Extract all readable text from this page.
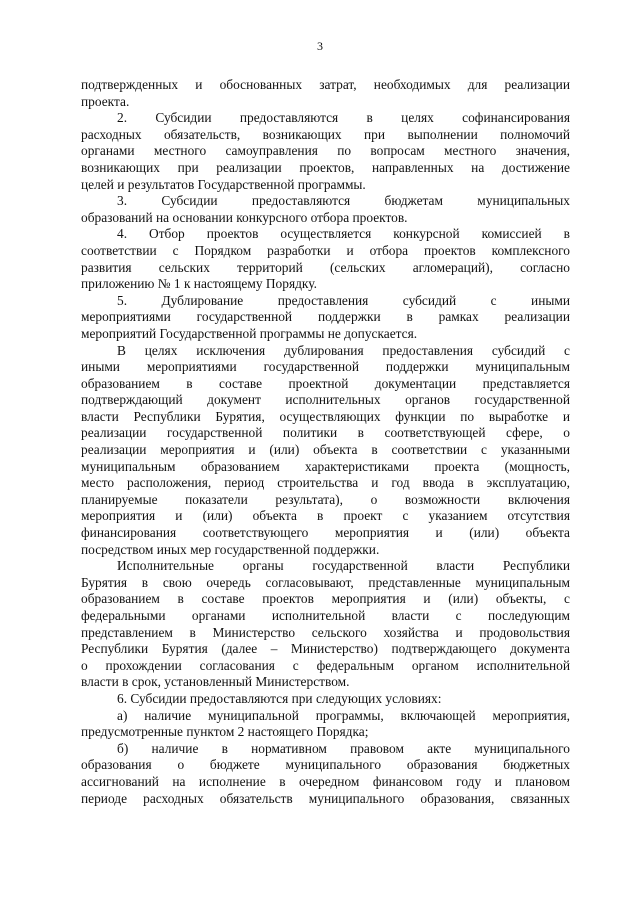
3

подтвержденных и обоснованных затрат, необходимых для реализации

проекта.

2. Субсидии предоставляются в целях софинансирования

расходных обязательств, возникающих при выполнении полномочий

органами местного самоуправления по вопросам местного значения,

возникающих при реализации проектов, направленных на достижение

целей и результатов Государственной программы.

3. Субсидии предоставляются бюджетам муниципальных

образований на основании конкурсного отбора проектов.

4. Отбор проектов осуществляется конкурсной комиссией в

соответствии с Порядком разработки и отбора проектов комплексного

развития сельских территорий (сельских агломераций), согласно

приложению № 1 к настоящему Порядку.

5. Дублирование предоставления субсидий с иными

мероприятиями государственной поддержки в рамках реализации

мероприятий Государственной программы не допускается.

В целях исключения дублирования предоставления субсидий с

иными мероприятиями государственной поддержки муниципальным

образованием в составе проектной документации представляется

подтверждающий документ исполнительных органов государственной

власти Республики Бурятия, осуществляющих функции по выработке и

реализации государственной политики в соответствующей сфере, о

реализации мероприятия и (или) объекта в соответствии с указанными

муниципальным образованием характеристиками проекта (мощность,

место расположения, период строительства и год ввода в эксплуатацию,

планируемые показатели результата), о возможности включения

мероприятия и (или) объекта в проект с указанием отсутствия

финансирования соответствующего мероприятия и (или) объекта

посредством иных мер государственной поддержки.

Исполнительные органы государственной власти Республики

Бурятия в свою очередь согласовывают, представленные муниципальным

образованием в составе проектов мероприятия и (или) объекты, с

федеральными органами исполнительной власти с последующим

представлением в Министерство сельского хозяйства и продовольствия

Республики Бурятия (далее – Министерство) подтверждающего документа

о прохождении согласования с федеральным органом исполнительной

власти в срок, установленный Министерством.

6. Субсидии предоставляются при следующих условиях:

а) наличие муниципальной программы, включающей мероприятия,

предусмотренные пунктом 2 настоящего Порядка;

б) наличие в нормативном правовом акте муниципального

образования о бюджете муниципального образования бюджетных

ассигнований на исполнение в очередном финансовом году и плановом

периоде расходных обязательств муниципального образования, связанных
